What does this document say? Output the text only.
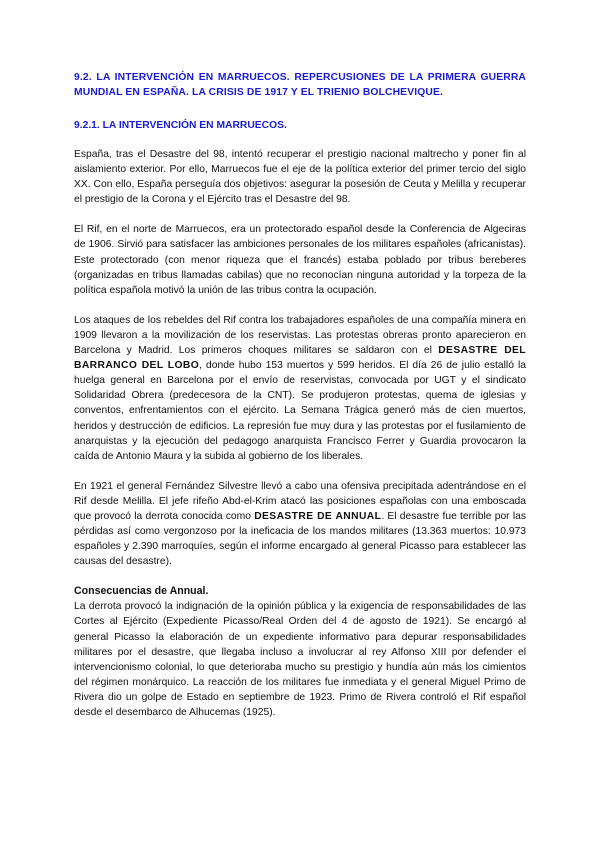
9.2. LA INTERVENCIÓN EN MARRUECOS. REPERCUSIONES DE LA PRIMERA GUERRA MUNDIAL EN ESPAÑA. LA CRISIS DE 1917 Y EL TRIENIO BOLCHEVIQUE.
9.2.1. LA INTERVENCIÓN EN MARRUECOS.

España, tras el Desastre del 98, intentó recuperar el prestigio nacional maltrecho y poner fin al aislamiento exterior. Por ello, Marruecos fue el eje de la política exterior del primer tercio del siglo XX. Con ello, España perseguía dos objetivos: asegurar la posesión de Ceuta y Melilla y recuperar el prestigio de la Corona y el Ejército tras el Desastre del 98.

El Rif, en el norte de Marruecos, era un protectorado español desde la Conferencia de Algeciras de 1906. Sirvió para satisfacer las ambiciones personales de los militares españoles (africanistas). Este protectorado (con menor riqueza que el francés) estaba poblado por tribus bereberes (organizadas en tribus llamadas cabilas) que no reconocían ninguna autoridad y la torpeza de la política española motivó la unión de las tribus contra la ocupación.

Los ataques de los rebeldes del Rif contra los trabajadores españoles de una compañía minera en 1909 llevaron a la movilización de los reservistas. Las protestas obreras pronto aparecieron en Barcelona y Madrid. Los primeros choques militares se saldaron con el DESASTRE DEL BARRANCO DEL LOBO, donde hubo 153 muertos y 599 heridos. El día 26 de julio estalló la huelga general en Barcelona por el envío de reservistas, convocada por UGT y el sindicato Solidaridad Obrera (predecesora de la CNT). Se produjeron protestas, quema de iglesias y conventos, enfrentamientos con el ejército. La Semana Trágica generó más de cien muertos, heridos y destrucción de edificios. La represión fue muy dura y las protestas por el fusilamiento de anarquistas y la ejecución del pedagogo anarquista Francisco Ferrer y Guardia provocaron la caída de Antonio Maura y la subida al gobierno de los liberales.

En 1921 el general Fernández Silvestre llevó a cabo una ofensiva precipitada adentrándose en el Rif desde Melilla. El jefe rifeño Abd-el-Krim atacó las posiciones españolas con una emboscada que provocó la derrota conocida como DESASTRE DE ANNUAL. El desastre fue terrible por las pérdidas así como vergonzoso por la ineficacia de los mandos militares (13.363 muertos: 10.973 españoles y 2.390 marroquíes, según el informe encargado al general Picasso para establecer las causas del desastre).

Consecuencias de Annual.

La derrota provocó la indignación de la opinión pública y la exigencia de responsabilidades de las Cortes al Ejército (Expediente Picasso/Real Orden del 4 de agosto de 1921). Se encargó al general Picasso la elaboración de un expediente informativo para depurar responsabilidades militares por el desastre, que llegaba incluso a involucrar al rey Alfonso XIII por defender el intervencionismo colonial, lo que deterioraba mucho su prestigio y hundía aún más los cimientos del régimen monárquico. La reacción de los militares fue inmediata y el general Miguel Primo de Rivera dio un golpe de Estado en septiembre de 1923. Primo de Rivera controló el Rif español desde el desembarco de Alhucemas (1925).
